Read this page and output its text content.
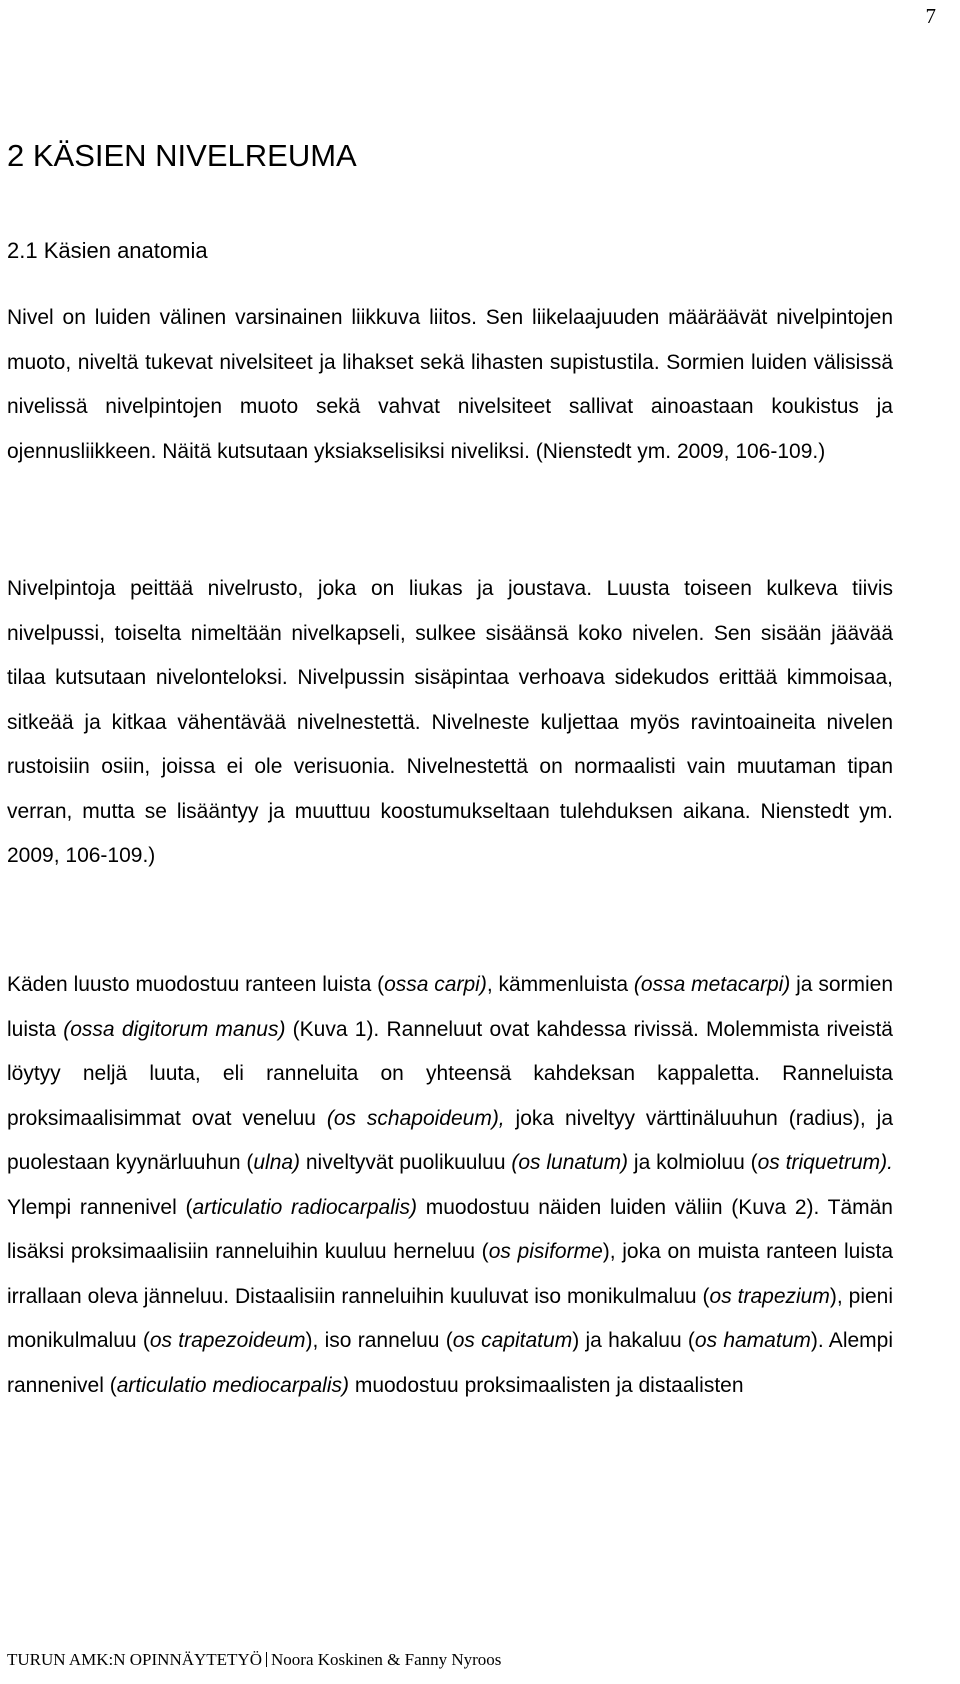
7
2 KÄSIEN NIVELREUMA
2.1 Käsien anatomia

Nivel on luiden välinen varsinainen liikkuva liitos. Sen liikelaajuuden määräävät nivelpintojen muoto, niveltä tukevat nivelsiteet ja lihakset sekä lihasten supistustila. Sormien luiden välisissä nivelissä nivelpintojen muoto sekä vahvat nivelsiteet sallivat ainoastaan koukistus ja ojennusliikkeen. Näitä kutsutaan yksiakselisiksi niveliksi. (Nienstedt ym. 2009, 106-109.)

Nivelpintoja peittää nivelrusto, joka on liukas ja joustava. Luusta toiseen kulkeva tiivis nivelpussi, toiselta nimeltään nivelkapseli, sulkee sisäänsä koko nivelen. Sen sisään jäävää tilaa kutsutaan nivelonteloksi. Nivelpussin sisäpintaa verhoava sidekudos erittää kimmoisaa, sitkeää ja kitkaa vähentävää nivelnestettä. Nivelneste kuljettaa myös ravintoaineita nivelen rustoisiin osiin, joissa ei ole verisuonia. Nivelnestettä on normaalisti vain muutaman tipan verran, mutta se lisääntyy ja muuttuu koostumukseltaan tulehduksen aikana. Nienstedt ym. 2009, 106-109.)

Käden luusto muodostuu ranteen luista (ossa carpi), kämmenluista (ossa metacarpi) ja sormien luista (ossa digitorum manus) (Kuva 1). Ranneluut ovat kahdessa rivissä. Molemmista riveistä löytyy neljä luuta, eli ranneluita on yhteensä kahdeksan kappaletta. Ranneluista proksimaalisimmat ovat veneluu (os schapoideum), joka niveltyy värttinäluuhun (radius), ja puolestaan kyynärluuhun (ulna) niveltyvät puolikuuluu (os lunatum) ja kolmioluu (os triquetrum). Ylempi rannenivel (articulatio radiocarpalis) muodostuu näiden luiden väliin (Kuva 2). Tämän lisäksi proksimaalisiin ranneluihin kuuluu herneluu (os pisiforme), joka on muista ranteen luista irrallaan oleva jänneluu. Distaalisiin ranneluihin kuuluvat iso monikulmaluu (os trapezium), pieni monikulmaluu (os trapezoideum), iso ranneluu (os capitatum) ja hakaluu (os hamatum). Alempi rannenivel (articulatio mediocarpalis) muodostuu proksimaalisten ja distaalisten

TURUN AMK:N OPINNÄYTETYÖ Noora Koskinen & Fanny Nyroos
